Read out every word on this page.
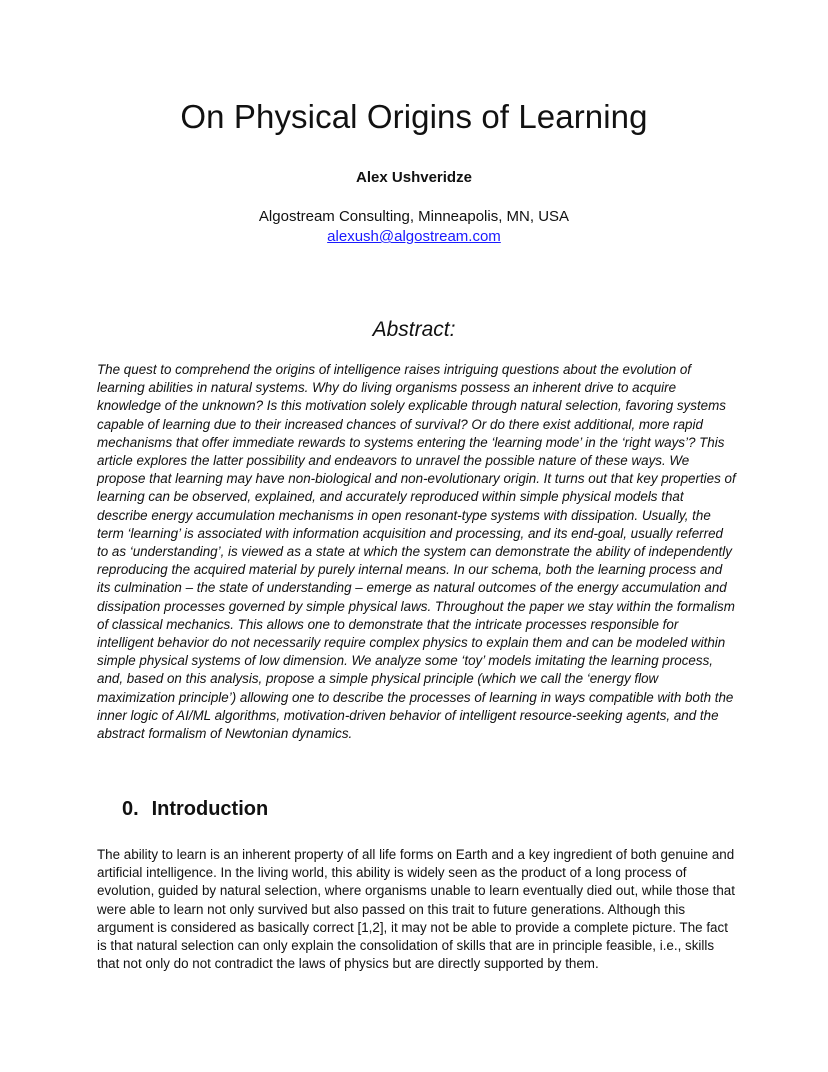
On Physical Origins of Learning
Alex Ushveridze
Algostream Consulting, Minneapolis, MN, USA
alexush@algostream.com
Abstract:

The quest to comprehend the origins of intelligence raises intriguing questions about the evolution of learning abilities in natural systems. Why do living organisms possess an inherent drive to acquire knowledge of the unknown? Is this motivation solely explicable through natural selection, favoring systems capable of learning due to their increased chances of survival? Or do there exist additional, more rapid mechanisms that offer immediate rewards to systems entering the ‘learning mode’ in the ‘right ways’? This article explores the latter possibility and endeavors to unravel the possible nature of these ways. We propose that learning may have non-biological and non-evolutionary origin. It turns out that key properties of learning can be observed, explained, and accurately reproduced within simple physical models that describe energy accumulation mechanisms in open resonant-type systems with dissipation. Usually, the term ‘learning’ is associated with information acquisition and processing, and its end-goal, usually referred to as ‘understanding’, is viewed as a state at which the system can demonstrate the ability of independently reproducing the acquired material by purely internal means. In our schema, both the learning process and its culmination – the state of understanding – emerge as natural outcomes of the energy accumulation and dissipation processes governed by simple physical laws. Throughout the paper we stay within the formalism of classical mechanics. This allows one to demonstrate that the intricate processes responsible for intelligent behavior do not necessarily require complex physics to explain them and can be modeled within simple physical systems of low dimension. We analyze some ‘toy’ models imitating the learning process, and, based on this analysis, propose a simple physical principle (which we call the ‘energy flow maximization principle’) allowing one to describe the processes of learning in ways compatible with both the inner logic of AI/ML algorithms, motivation-driven behavior of intelligent resource-seeking agents, and the abstract formalism of Newtonian dynamics.

0. Introduction

The ability to learn is an inherent property of all life forms on Earth and a key ingredient of both genuine and artificial intelligence. In the living world, this ability is widely seen as the product of a long process of evolution, guided by natural selection, where organisms unable to learn eventually died out, while those that were able to learn not only survived but also passed on this trait to future generations. Although this argument is considered as basically correct [1,2], it may not be able to provide a complete picture. The fact is that natural selection can only explain the consolidation of skills that are in principle feasible, i.e., skills that not only do not contradict the laws of physics but are directly supported by them.
